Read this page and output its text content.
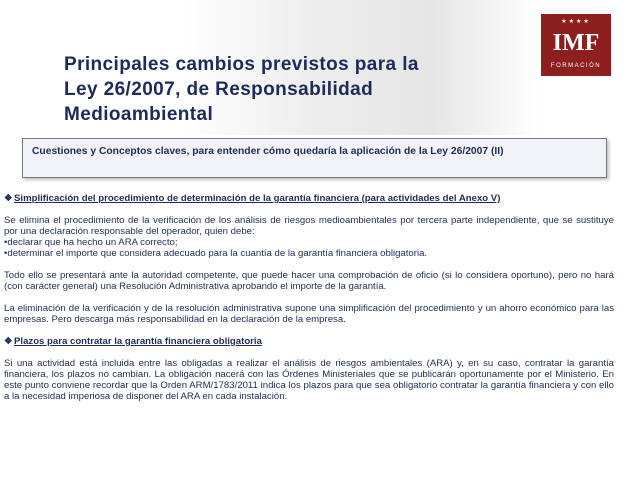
Principales cambios previstos para la
Ley 26/2007, de Responsabilidad
Medioambiental
★★★★
IMF
FORMACIÓN
Cuestiones y Conceptos claves, para entender cómo quedaría la aplicación de la Ley 26/2007 (II)

❖Simplificación del procedimiento de determinación de la garantía financiera (para actividades del Anexo V)

Se elimina el procedimiento de la verificación de los análisis de riesgos medioambientales por tercera parte independiente, que se sustituye por una declaración responsable del operador, quien debe:

•declarar que ha hecho un ARA correcto;

•determinar el importe que considera adecuado para la cuantía de la garantía financiera obligatoria.

Todo ello se presentará ante la autoridad competente, que puede hacer una comprobación de oficio (si lo considera oportuno), pero no hará (con carácter general) una Resolución Administrativa aprobando el importe de la garantía.

La eliminación de la verificación y de la resolución administrativa supone una simplificación del procedimiento y un ahorro económico para las empresas. Pero descarga más responsabilidad en la declaración de la empresa.

❖Plazos para contratar la garantía financiera obligatoria

Si una actividad está incluida entre las obligadas a realizar el análisis de riesgos ambientales (ARA) y, en su caso, contratar la garantía financiera, los plazos no cambian. La obligación nacerá con las Órdenes Ministeriales que se publicarán oportunamente por el Ministerio. En este punto conviene recordar que la Orden ARM/1783/2011 indica los plazos para que sea obligatorio contratar la garantía financiera y con ello a la necesidad imperiosa de disponer del ARA en cada instalación.
